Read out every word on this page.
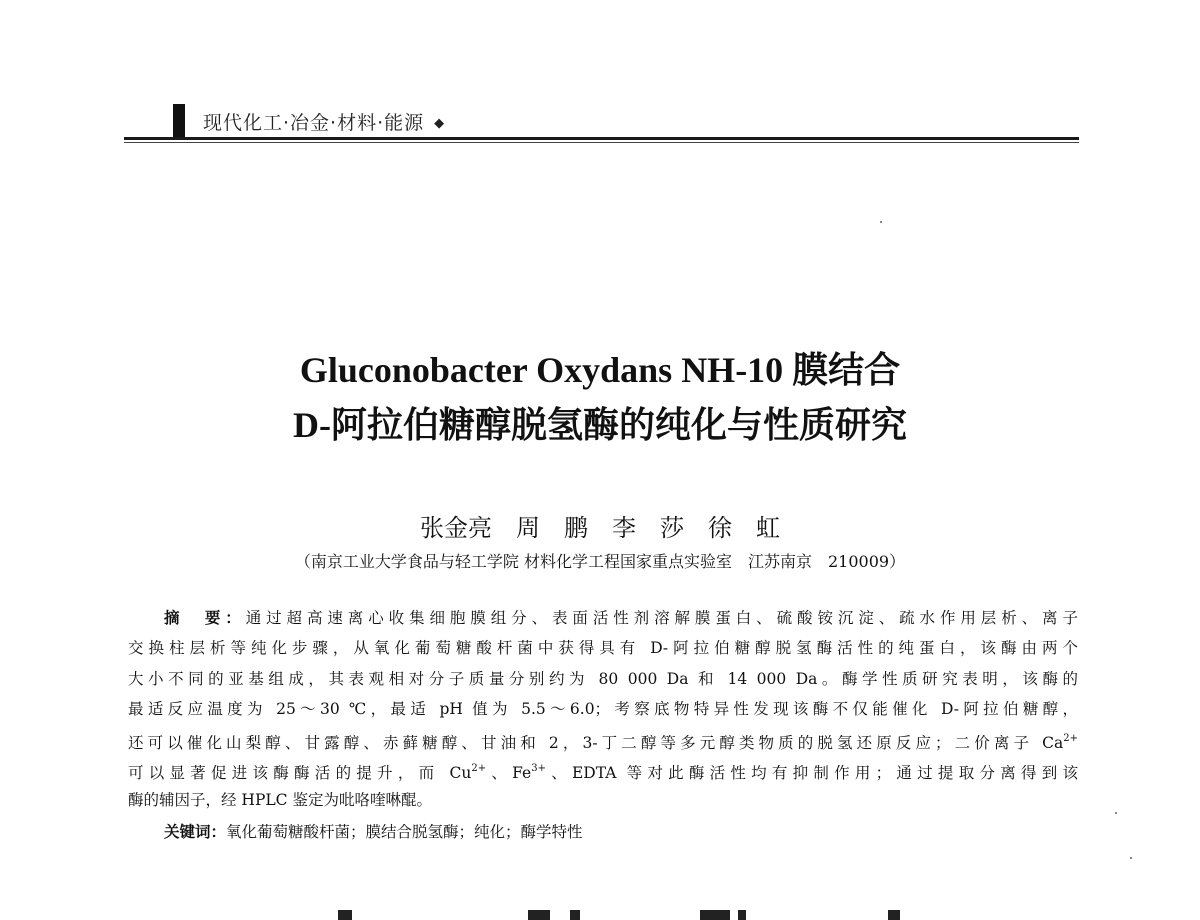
现代化工·冶金·材料·能源 ◆
Gluconobacter Oxydans NH-10 膜结合
D-阿拉伯糖醇脱氢酶的纯化与性质研究
张金亮　周　鹏　李　莎　徐　虹
（南京工业大学食品与轻工学院 材料化学工程国家重点实验室　江苏南京　210009）
摘　要：通过超高速离心收集细胞膜组分、表面活性剂溶解膜蛋白、硫酸铵沉淀、疏水作用层析、离子
交换柱层析等纯化步骤，从氧化葡萄糖酸杆菌中获得具有 D-阿拉伯糖醇脱氢酶活性的纯蛋白，该酶由两个
大小不同的亚基组成，其表观相对分子质量分别约为 80 000 Da 和 14 000 Da。酶学性质研究表明，该酶的
最适反应温度为 25～30 ℃，最适 pH 值为 5.5～6.0；考察底物特异性发现该酶不仅能催化 D-阿拉伯糖醇，
还可以催化山梨醇、甘露醇、赤藓糖醇、甘油和 2，3-丁二醇等多元醇类物质的脱氢还原反应；二价离子 $Ca^{2+}$
可以显著促进该酶酶活的提升，而 $Cu^{2+}$、$Fe^{3+}$、EDTA 等对此酶活性均有抑制作用；通过提取分离得到该
酶的辅因子，经 HPLC 鉴定为吡咯喹啉醌。
关键词：氧化葡萄糖酸杆菌；膜结合脱氢酶；纯化；酶学特性
